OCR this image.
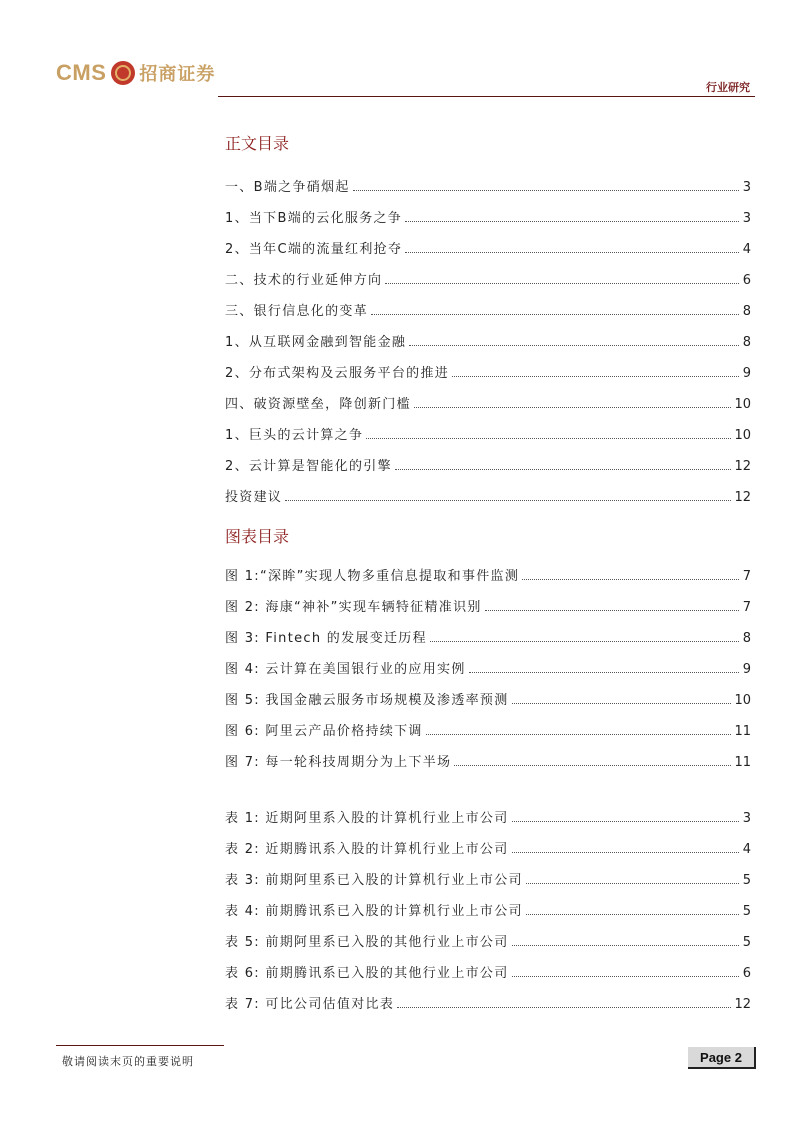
CMS 招商证券
行业研究
正文目录
一、B端之争硝烟起	3
1、当下B端的云化服务之争	3
2、当年C端的流量红利抢夺	4
二、技术的行业延伸方向	6
三、银行信息化的变革	8
1、从互联网金融到智能金融	8
2、分布式架构及云服务平台的推进	9
四、破资源壁垒，降创新门槛	10
1、巨头的云计算之争	10
2、云计算是智能化的引擎	12
投资建议	12
图表目录
图 1:“深眸”实现人物多重信息提取和事件监测	7
图 2: 海康“神补”实现车辆特征精准识别	7
图 3: Fintech 的发展变迁历程	8
图 4: 云计算在美国银行业的应用实例	9
图 5: 我国金融云服务市场规模及渗透率预测	10
图 6: 阿里云产品价格持续下调	11
图 7: 每一轮科技周期分为上下半场	11
表 1: 近期阿里系入股的计算机行业上市公司	3
表 2: 近期腾讯系入股的计算机行业上市公司	4
表 3: 前期阿里系已入股的计算机行业上市公司	5
表 4: 前期腾讯系已入股的计算机行业上市公司	5
表 5: 前期阿里系已入股的其他行业上市公司	5
表 6: 前期腾讯系已入股的其他行业上市公司	6
表 7: 可比公司估值对比表	12
敬请阅读末页的重要说明	Page 2
